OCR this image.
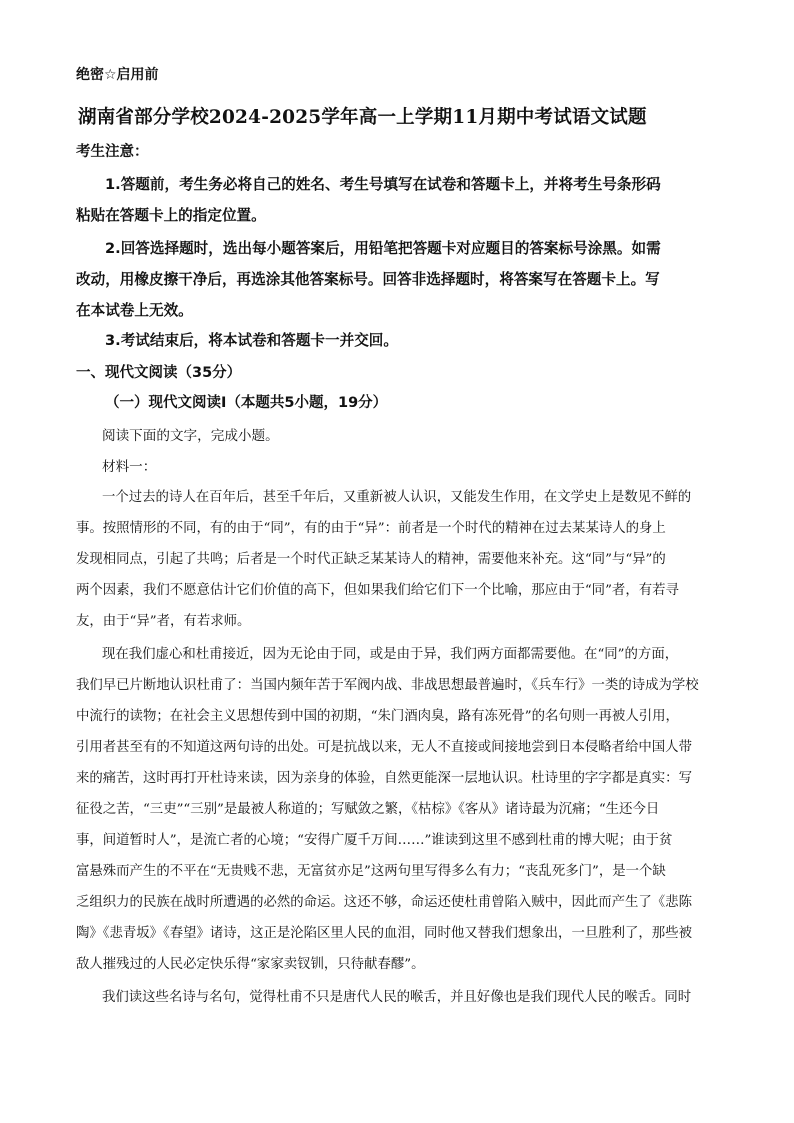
绝密☆启用前
湖南省部分学校2024-2025学年高一上学期11月期中考试语文试题
考生注意：
1.答题前，考生务必将自己的姓名、考生号填写在试卷和答题卡上，并将考生号条形码
粘贴在答题卡上的指定位置。
2.回答选择题时，选出每小题答案后，用铅笔把答题卡对应题目的答案标号涂黑。如需
改动，用橡皮擦干净后，再选涂其他答案标号。回答非选择题时，将答案写在答题卡上。写
在本试卷上无效。
3.考试结束后，将本试卷和答题卡一并交回。
一、现代文阅读（35分）
（一）现代文阅读Ⅰ（本题共5小题，19分）
阅读下面的文字，完成小题。
材料一：
一个过去的诗人在百年后，甚至千年后，又重新被人认识，又能发生作用，在文学史上是数见不鲜的
事。按照情形的不同，有的由于“同”，有的由于“异”：前者是一个时代的精神在过去某某诗人的身上
发现相同点，引起了共鸣；后者是一个时代正缺乏某某诗人的精神，需要他来补充。这“同”与“异”的
两个因素，我们不愿意估计它们价值的高下，但如果我们给它们下一个比喻，那应由于“同”者，有若寻
友，由于“异”者，有若求师。
现在我们虚心和杜甫接近，因为无论由于同，或是由于异，我们两方面都需要他。在“同”的方面，
我们早已片断地认识杜甫了：当国内频年苦于军阀内战、非战思想最普遍时，《兵车行》一类的诗成为学校
中流行的读物；在社会主义思想传到中国的初期，“朱门酒肉臭，路有冻死骨”的名句则一再被人引用，
引用者甚至有的不知道这两句诗的出处。可是抗战以来，无人不直接或间接地尝到日本侵略者给中国人带
来的痛苦，这时再打开杜诗来读，因为亲身的体验，自然更能深一层地认识。杜诗里的字字都是真实：写
征役之苦，“三吏”“三别”是最被人称道的；写赋敛之繁，《枯棕》《客从》诸诗最为沉痛；“生还今日
事，间道暂时人”，是流亡者的心境；“安得广厦千万间……”谁读到这里不感到杜甫的博大呢；由于贫
富悬殊而产生的不平在“无贵贱不悲，无富贫亦足”这两句里写得多么有力；“丧乱死多门”，是一个缺
乏组织力的民族在战时所遭遇的必然的命运。这还不够，命运还使杜甫曾陷入贼中，因此而产生了《悲陈
陶》《悲青坂》《春望》诸诗，这正是沦陷区里人民的血泪，同时他又替我们想象出，一旦胜利了，那些被
敌人摧残过的人民必定快乐得“家家卖钗钏，只待献春醪”。
我们读这些名诗与名句，觉得杜甫不只是唐代人民的喉舌，并且好像也是我们现代人民的喉舌。同时
